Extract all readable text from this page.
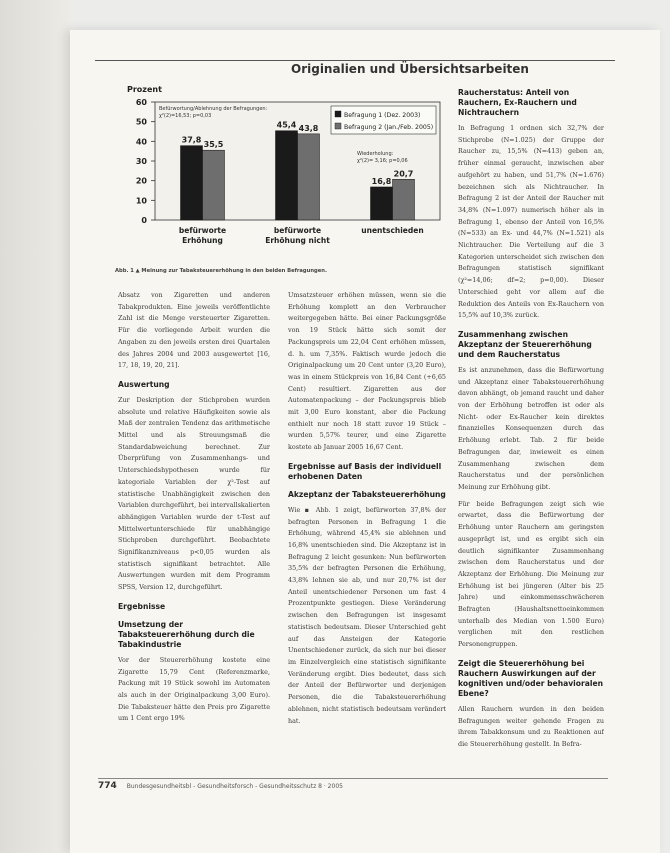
Originalien und Übersichtsarbeiten
Prozent
0
10
20
30
40
50
60
37,8
45,4
16,8
35,5
43,8
20,7
befürworte
Erhöhung
befürworte
Erhöhung nicht
unentschieden
Befragung 1 (Dez. 2003)
Befragung 2 (Jan./Feb. 2005)
Befürwortung/Ablehnung der Befragungen:
χ²(2)=16,53; p=0,03
Wiederholung:
χ²(2)= 3,16; p=0,06
Abb. 1 ▲ Meinung zur Tabaksteuererhöhung in den beiden Befragungen.

Absatz von Zigaretten und anderen Tabakprodukten. Eine jeweils veröffentlichte Zahl ist die Menge versteuerter Zigaretten. Für die vorliegende Arbeit wurden die Angaben zu den jeweils ersten drei Quartalen des Jahres 2004 und 2003 ausgewertet [16, 17, 18, 19, 20, 21].

Auswertung

Zur Deskription der Stichproben wurden absolute und relative Häufigkeiten sowie als Maß der zentralen Tendenz das arithmetische Mittel und als Streuungsmaß die Standardabweichung berechnet. Zur Überprüfung von Zusammenhangs- und Unterschiedshypothesen wurde für kategoriale Variablen der χ²-Test auf statistische Unabhängigkeit zwischen den Variablen durchgeführt, bei intervallskalierten abhängigen Variablen wurde der t-Test auf Mittelwertunterschiede für unabhängige Stichproben durchgeführt. Beobachtete Signifikanzniveaus p<0,05 wurden als statistisch signifikant betrachtet. Alle Auswertungen wurden mit dem Programm SPSS, Version 12, durchgeführt.

Ergebnisse
Umsetzung der Tabaksteuererhöhung durch die Tabakindustrie

Vor der Steuererhöhung kostete eine Zigarette 15,79 Cent (Referenzmarke, Packung mit 19 Stück sowohl im Automaten als auch in der Originalpackung 3,00 Euro). Die Tabaksteuer hätte den Preis pro Zigarette um 1 Cent ergo 19%

Umsatzsteuer erhöhen müssen, wenn sie die Erhöhung komplett an den Verbraucher weitergegeben hätte. Bei einer Packungsgröße von 19 Stück hätte sich somit der Packungspreis um 22,04 Cent erhöhen müssen, d. h. um 7,35%. Faktisch wurde jedoch die Originalpackung um 20 Cent unter (3,20 Euro), was in einem Stückpreis von 16,84 Cent (+6,65 Cent) resultiert. Zigaretten aus der Automatenpackung – der Packungspreis blieb mit 3,00 Euro konstant, aber die Packung enthielt nur noch 18 statt zuvor 19 Stück – wurden 5,57% teurer, und eine Zigarette kostete ab Januar 2005 16,67 Cent.

Ergebnisse auf Basis der individuell erhobenen Daten
Akzeptanz der Tabaksteuererhöhung

Wie ▪ Abb. 1 zeigt, befürworten 37,8% der befragten Personen in Befragung 1 die Erhöhung, während 45,4% sie ablehnen und 16,8% unentschieden sind. Die Akzeptanz ist in Befragung 2 leicht gesunken: Nun befürworten 35,5% der befragten Personen die Erhöhung, 43,8% lehnen sie ab, und nur 20,7% ist der Anteil unentschiedener Personen um fast 4 Prozentpunkte gestiegen. Diese Veränderung zwischen den Befragungen ist insgesamt statistisch bedeutsam. Dieser Unterschied geht auf das Ansteigen der Kategorie Unentschiedener zurück, da sich nur bei dieser im Einzelvergleich eine statistisch signifikante Veränderung ergibt. Dies bedeutet, dass sich der Anteil der Befürworter und derjenigen Personen, die die Tabaksteuererhöhung ablehnen, nicht statistisch bedeutsam verändert hat.

Raucherstatus: Anteil von Rauchern, Ex-Rauchern und Nichtrauchern

In Befragung 1 ordnen sich 32,7% der Stichprobe (N=1.025) der Gruppe der Raucher zu, 15,5% (N=413) geben an, früher einmal geraucht, inzwischen aber aufgehört zu haben, und 51,7% (N=1.676) bezeichnen sich als Nichtraucher. In Befragung 2 ist der Anteil der Raucher mit 34,8% (N=1.097) numerisch höher als in Befragung 1, ebenso der Anteil von 16,5% (N=533) an Ex- und 44,7% (N=1.521) als Nichtraucher. Die Verteilung auf die 3 Kategorien unterscheidet sich zwischen den Befragungen statistisch signifikant (χ²=14,06; df=2; p=0,00). Dieser Unterschied geht vor allem auf die Reduktion des Anteils von Ex-Rauchern von 15,5% auf 10,3% zurück.

Zusammenhang zwischen Akzeptanz der Steuererhöhung und dem Raucherstatus

Es ist anzunehmen, dass die Befürwortung und Akzeptanz einer Tabaksteuererhöhung davon abhängt, ob jemand raucht und daher von der Erhöhung betroffen ist oder als Nicht- oder Ex-Raucher kein direktes finanzielles Konsequenzen durch das Erhöhung erlebt. Tab. 2 für beide Befragungen dar, inwieweit es einen Zusammenhang zwischen dem Raucherstatus und der persönlichen Meinung zur Erhöhung gibt.

Für beide Befragungen zeigt sich wie erwartet, dass die Befürwortung der Erhöhung unter Rauchern am geringsten ausgeprägt ist, und es ergibt sich ein deutlich signifikanter Zusammenhang zwischen dem Raucherstatus und der Akzeptanz der Erhöhung. Die Meinung zur Erhöhung ist bei jüngeren (Alter bis 25 Jahre) und einkommensschwächeren Befragten (Haushaltsnettoeinkommen unterhalb des Median von 1.500 Euro) verglichen mit den restlichen Personengruppen.

Zeigt die Steuererhöhung bei Rauchern Auswirkungen auf der kognitiven und/oder behavioralen Ebene?

Allen Rauchern wurden in den beiden Befragungen weiter gehende Fragen zu ihrem Tabakkonsum und zu Reaktionen auf die Steuererhöhung gestellt. In Befra-

774 Bundesgesundheitsbl - Gesundheitsforsch - Gesundheitsschutz 8 · 2005
